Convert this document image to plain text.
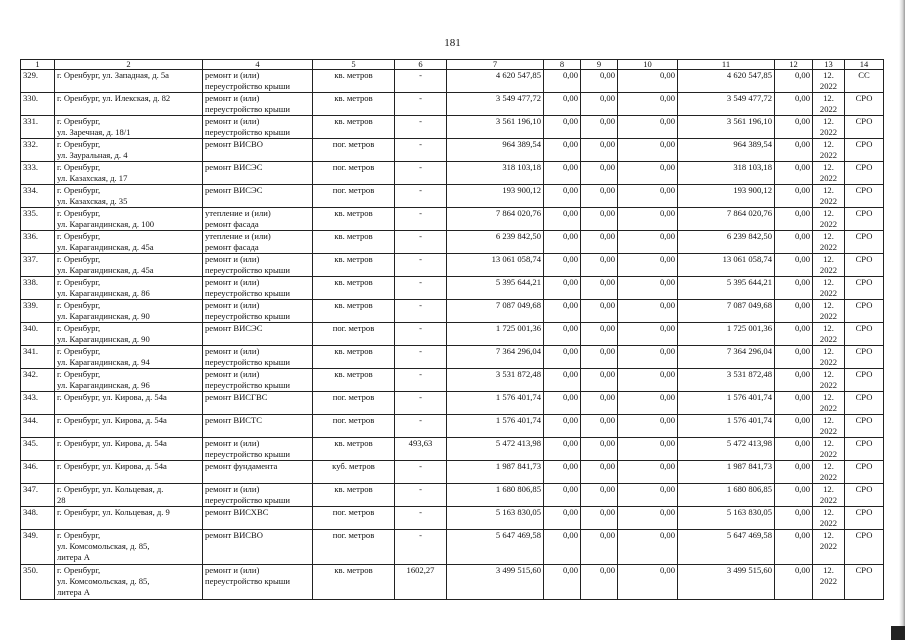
181
1	2	4	5	6	7	8	9	10	11	12	13	14
329.	г. Оренбург, ул. Западная, д. 5а	ремонт и (или)
переустройство крыши	кв. метров	-	4 620 547,85	0,00	0,00	0,00	4 620 547,85	0,00	12.
2022	СС
330.	г. Оренбург, ул. Илекская, д. 82	ремонт и (или)
переустройство крыши	кв. метров	-	3 549 477,72	0,00	0,00	0,00	3 549 477,72	0,00	12.
2022	СРО
331.	г. Оренбург,
ул. Заречная, д. 18/1	ремонт и (или)
переустройство крыши	кв. метров	-	3 561 196,10	0,00	0,00	0,00	3 561 196,10	0,00	12.
2022	СРО
332.	г. Оренбург,
ул. Зауральная, д. 4	ремонт ВИСВО	пог. метров	-	964 389,54	0,00	0,00	0,00	964 389,54	0,00	12.
2022	СРО
333.	г. Оренбург,
ул. Казахская, д. 17	ремонт ВИСЭС	пог. метров	-	318 103,18	0,00	0,00	0,00	318 103,18	0,00	12.
2022	СРО
334.	г. Оренбург,
ул. Казахская, д. 35	ремонт ВИСЭС	пог. метров	-	193 900,12	0,00	0,00	0,00	193 900,12	0,00	12.
2022	СРО
335.	г. Оренбург,
ул. Карагандинская, д. 100	утепление и (или)
ремонт фасада	кв. метров	-	7 864 020,76	0,00	0,00	0,00	7 864 020,76	0,00	12.
2022	СРО
336.	г. Оренбург,
ул. Карагандинская, д. 45а	утепление и (или)
ремонт фасада	кв. метров	-	6 239 842,50	0,00	0,00	0,00	6 239 842,50	0,00	12.
2022	СРО
337.	г. Оренбург,
ул. Карагандинская, д. 45а	ремонт и (или)
переустройство крыши	кв. метров	-	13 061 058,74	0,00	0,00	0,00	13 061 058,74	0,00	12.
2022	СРО
338.	г. Оренбург,
ул. Карагандинская, д. 86	ремонт и (или)
переустройство крыши	кв. метров	-	5 395 644,21	0,00	0,00	0,00	5 395 644,21	0,00	12.
2022	СРО
339.	г. Оренбург,
ул. Карагандинская, д. 90	ремонт и (или)
переустройство крыши	кв. метров	-	7 087 049,68	0,00	0,00	0,00	7 087 049,68	0,00	12.
2022	СРО
340.	г. Оренбург,
ул. Карагандинская, д. 90	ремонт ВИСЭС	пог. метров	-	1 725 001,36	0,00	0,00	0,00	1 725 001,36	0,00	12.
2022	СРО
341.	г. Оренбург,
ул. Карагандинская, д. 94	ремонт и (или)
переустройство крыши	кв. метров	-	7 364 296,04	0,00	0,00	0,00	7 364 296,04	0,00	12.
2022	СРО
342.	г. Оренбург,
ул. Карагандинская, д. 96	ремонт и (или)
переустройство крыши	кв. метров	-	3 531 872,48	0,00	0,00	0,00	3 531 872,48	0,00	12.
2022	СРО
343.	г. Оренбург, ул. Кирова, д. 54а	ремонт ВИСГВС	пог. метров	-	1 576 401,74	0,00	0,00	0,00	1 576 401,74	0,00	12.
2022	СРО
344.	г. Оренбург, ул. Кирова, д. 54а	ремонт ВИСТС	пог. метров	-	1 576 401,74	0,00	0,00	0,00	1 576 401,74	0,00	12.
2022	СРО
345.	г. Оренбург, ул. Кирова, д. 54а	ремонт и (или)
переустройство крыши	кв. метров	493,63	5 472 413,98	0,00	0,00	0,00	5 472 413,98	0,00	12.
2022	СРО
346.	г. Оренбург, ул. Кирова, д. 54а	ремонт фундамента	куб. метров	-	1 987 841,73	0,00	0,00	0,00	1 987 841,73	0,00	12.
2022	СРО
347.	г. Оренбург, ул. Кольцевая, д.
28	ремонт и (или)
переустройство крыши	кв. метров	-	1 680 806,85	0,00	0,00	0,00	1 680 806,85	0,00	12.
2022	СРО
348.	г. Оренбург, ул. Кольцевая, д. 9	ремонт ВИСХВС	пог. метров	-	5 163 830,05	0,00	0,00	0,00	5 163 830,05	0,00	12.
2022	СРО
349.	г. Оренбург,
ул. Комсомольская, д. 85,
литера А	ремонт ВИСВО	пог. метров	-	5 647 469,58	0,00	0,00	0,00	5 647 469,58	0,00	12.
2022	СРО
350.	г. Оренбург,
ул. Комсомольская, д. 85,
литера А	ремонт и (или)
переустройство крыши	кв. метров	1602,27	3 499 515,60	0,00	0,00	0,00	3 499 515,60	0,00	12.
2022	СРО
